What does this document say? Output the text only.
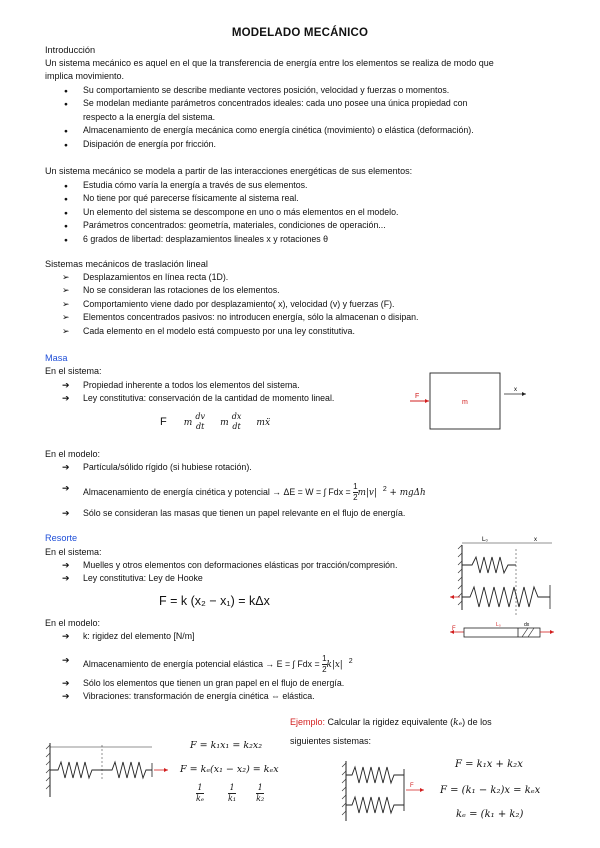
MODELADO MECÁNICO
Introducción
Un sistema mecánico es aquel en el que la transferencia de energía entre los elementos se realiza de modo que
implica movimiento.
● Su comportamiento se describe mediante vectores posición, velocidad y fuerzas o momentos.
● Se modelan mediante parámetros concentrados ideales: cada uno posee una única propiedad con
respecto a la energía del sistema.
● Almacenamiento de energía mecánica como energía cinética (movimiento) o elástica (deformación).
● Disipación de energía por fricción.
Un sistema mecánico se modela a partir de las interacciones energéticas de sus elementos:
● Estudia cómo varía la energía a través de sus elementos.
● No tiene por qué parecerse físicamente al sistema real.
● Un elemento del sistema se descompone en uno o más elementos en el modelo.
● Parámetros concentrados: geometría, materiales, condiciones de operación...
● 6 grados de libertad: desplazamientos lineales x y rotaciones θ
Sistemas mecánicos de traslación lineal
➢ Desplazamientos en línea recta (1D).
➢ No se consideran las rotaciones de los elementos.
➢ Comportamiento viene dado por desplazamiento( x), velocidad (v) y fuerzas (F).
➢ Elementos concentrados pasivos: no introducen energía, sólo la almacenan o disipan.
➢ Cada elemento en el modelo está compuesto por una ley constitutiva.
Masa
En el sistema:
➔ Propiedad inherente a todos los elementos del sistema.
➔ Ley constitutiva: conservación de la cantidad de momento lineal.
F m
dv
dt m
dx
dt mẍ
F
m
x
En el modelo:
➔ Partícula/sólido rígido (si hubiese rotación).
➔ Almacenamiento de energía cinética y potencial → ΔE = W = ∫ Fdx = $\frac{1}{2} m|v|$ $^2$ + mgΔh
➔ Sólo se consideran las masas que tienen un papel relevante en el flujo de energía.
Resorte
En el sistema:
➔ Muelles y otros elementos con deformaciones elásticas por tracción/compresión.
➔ Ley constitutiva: Ley de Hooke
F = k (x₂ − x₁) = kΔx
En el modelo:
➔ k: rigidez del elemento [N/m]
➔ Almacenamiento de energía potencial elástica → E = ∫ Fdx = $\frac{1}{2} k|x|$ $^2$
➔ Sólo los elementos que tienen un gran papel en el flujo de energía.
➔ Vibraciones: transformación de energía cinética ⇔ elástica.
L₀	x
F
L₀	dx
Ejemplo: Calcular la rigidez equivalente (kₑ) de los
siguientes sistemas:
F = k₁x₁ = k₂x₂
F = kₑ(x₁ − x₂) = kₑx
$\frac{1}{\text{kₑ}}$
	$\frac{1}{\text{k₁}}$
	$\frac{1}{\text{k₂}}$	F
F = k₁x + k₂x
F = (k₁ − k₂)x = kₑx
kₑ = (k₁ + k₂)
